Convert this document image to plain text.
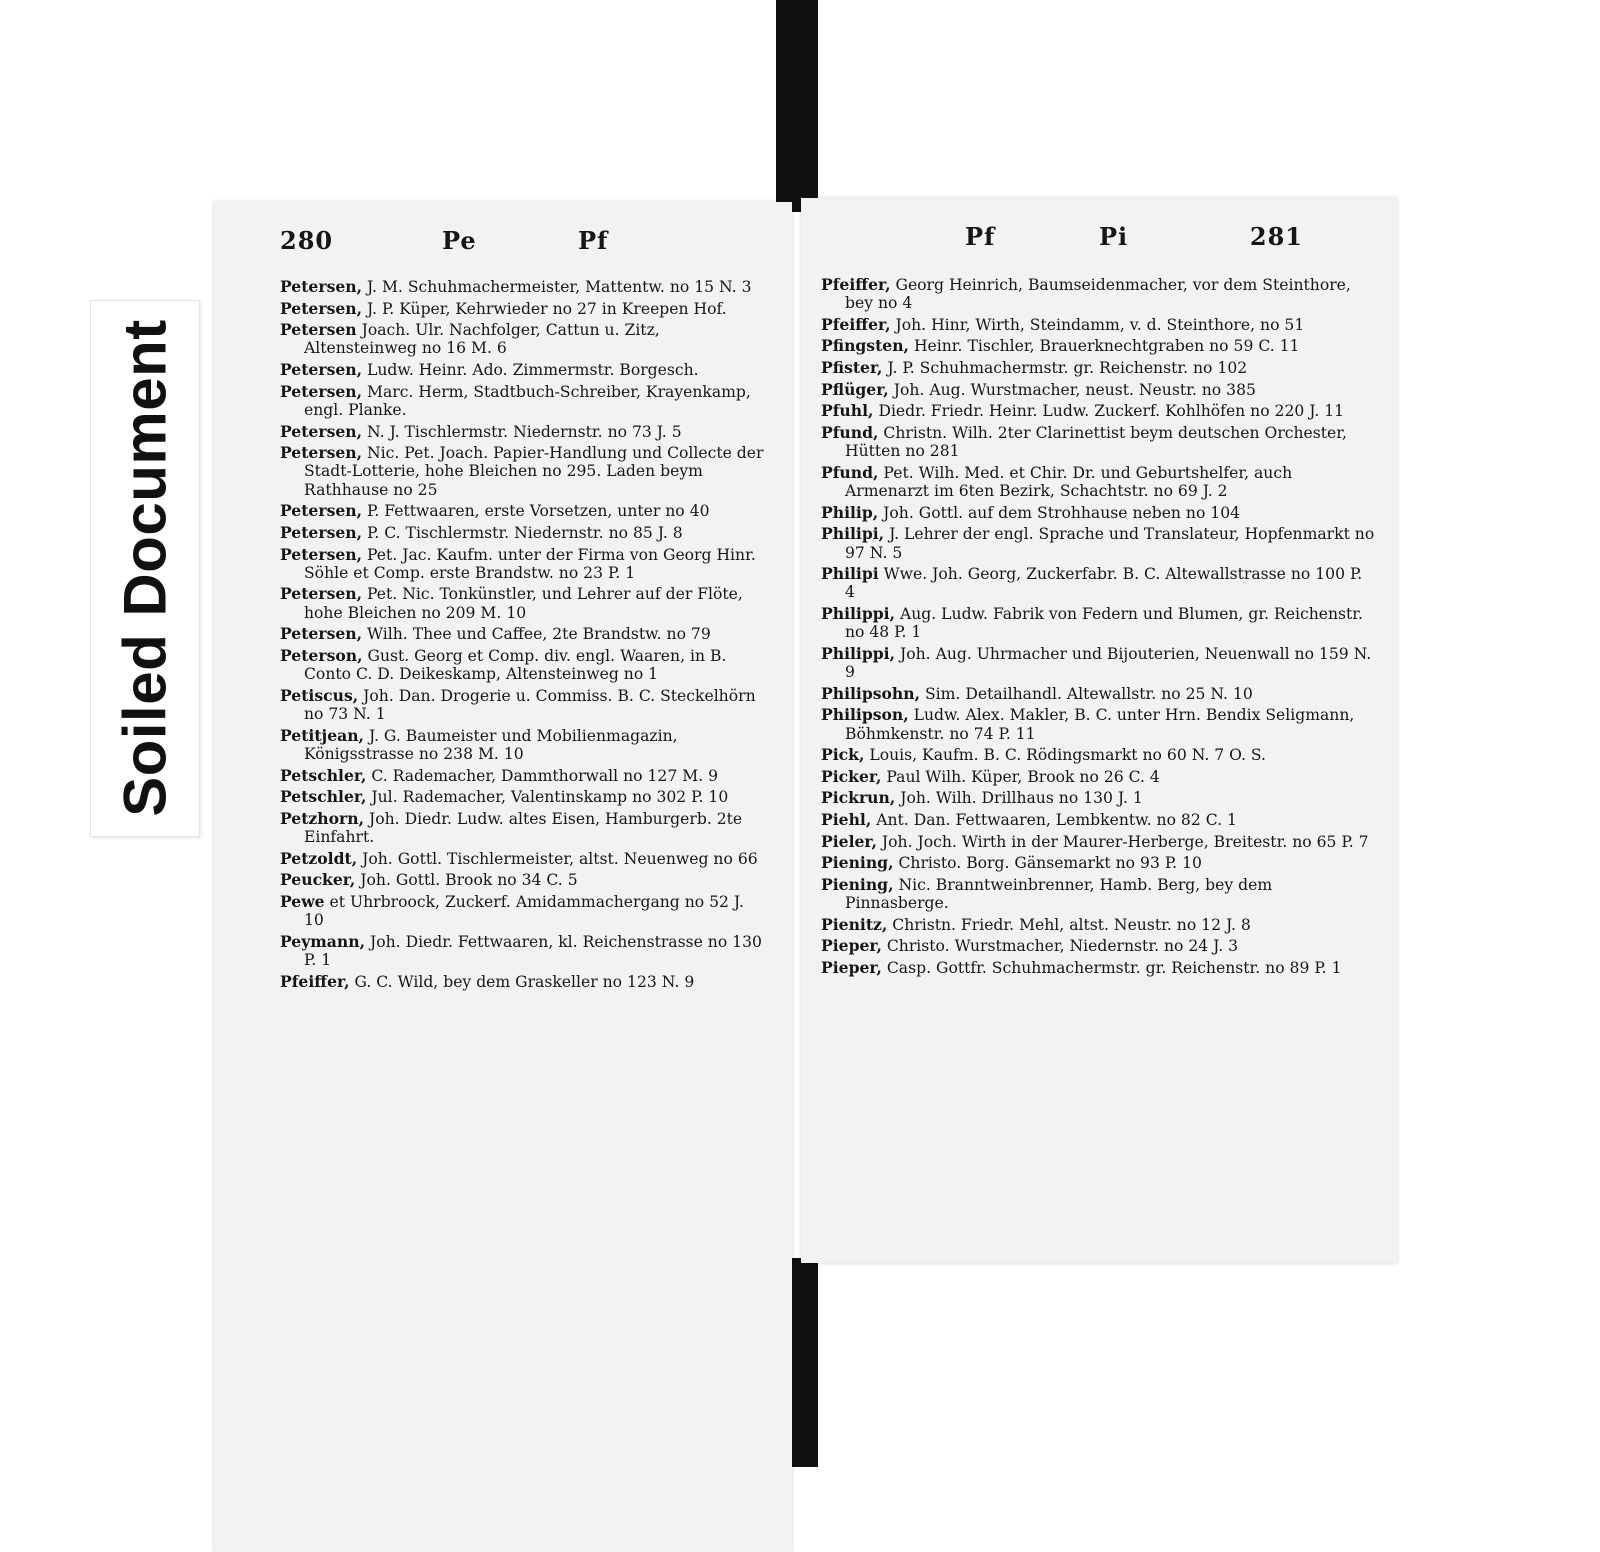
Soiled Document
280	Pe	Pf
Petersen, J. M. Schuhmachermeister, Mattentw. no 15 N. 3
Petersen, J. P. Küper, Kehrwieder no 27 in Kreepen Hof.
Petersen Joach. Ulr. Nachfolger, Cattun u. Zitz, Altensteinweg no 16 M. 6
Petersen, Ludw. Heinr. Ado. Zimmermstr. Borgesch.
Petersen, Marc. Herm, Stadtbuch-Schreiber, Krayenkamp, engl. Planke.
Petersen, N. J. Tischlermstr. Niedernstr. no 73 J. 5
Petersen, Nic. Pet. Joach. Papier-Handlung und Collecte der Stadt-Lotterie, hohe Bleichen no 295. Laden beym Rathhause no 25
Petersen, P. Fettwaaren, erste Vorsetzen, unter no 40
Petersen, P. C. Tischlermstr. Niedernstr. no 85 J. 8
Petersen, Pet. Jac. Kaufm. unter der Firma von Georg Hinr. Söhle et Comp. erste Brandstw. no 23 P. 1
Petersen, Pet. Nic. Tonkünstler, und Lehrer auf der Flöte, hohe Bleichen no 209 M. 10
Petersen, Wilh. Thee und Caffee, 2te Brandstw. no 79
Peterson, Gust. Georg et Comp. div. engl. Waaren, in B. Conto C. D. Deikeskamp, Altensteinweg no 1
Petiscus, Joh. Dan. Drogerie u. Commiss. B. C. Steckelhörn no 73 N. 1
Petitjean, J. G. Baumeister und Mobilienmagazin, Königsstrasse no 238 M. 10
Petschler, C. Rademacher, Dammthorwall no 127 M. 9
Petschler, Jul. Rademacher, Valentinskamp no 302 P. 10
Petzhorn, Joh. Diedr. Ludw. altes Eisen, Hamburgerb. 2te Einfahrt.
Petzoldt, Joh. Gottl. Tischlermeister, altst. Neuenweg no 66
Peucker, Joh. Gottl. Brook no 34 C. 5
Pewe et Uhrbroock, Zuckerf. Amidammachergang no 52 J. 10
Peymann, Joh. Diedr. Fettwaaren, kl. Reichenstrasse no 130 P. 1
Pfeiffer, G. C. Wild, bey dem Graskeller no 123 N. 9
Pf	Pi	281
Pfeiffer, Georg Heinrich, Baumseidenmacher, vor dem Steinthore, bey no 4
Pfeiffer, Joh. Hinr, Wirth, Steindamm, v. d. Steinthore, no 51
Pfingsten, Heinr. Tischler, Brauerknechtgraben no 59 C. 11
Pfister, J. P. Schuhmachermstr. gr. Reichenstr. no 102
Pflüger, Joh. Aug. Wurstmacher, neust. Neustr. no 385
Pfuhl, Diedr. Friedr. Heinr. Ludw. Zuckerf. Kohlhöfen no 220 J. 11
Pfund, Christn. Wilh. 2ter Clarinettist beym deutschen Orchester, Hütten no 281
Pfund, Pet. Wilh. Med. et Chir. Dr. und Geburtshelfer, auch Armenarzt im 6ten Bezirk, Schachtstr. no 69 J. 2
Philip, Joh. Gottl. auf dem Strohhause neben no 104
Philipi, J. Lehrer der engl. Sprache und Translateur, Hopfenmarkt no 97 N. 5
Philipi Wwe. Joh. Georg, Zuckerfabr. B. C. Altewallstrasse no 100 P. 4
Philippi, Aug. Ludw. Fabrik von Federn und Blumen, gr. Reichenstr. no 48 P. 1
Philippi, Joh. Aug. Uhrmacher und Bijouterien, Neuenwall no 159 N. 9
Philipsohn, Sim. Detailhandl. Altewallstr. no 25 N. 10
Philipson, Ludw. Alex. Makler, B. C. unter Hrn. Bendix Seligmann, Böhmkenstr. no 74 P. 11
Pick, Louis, Kaufm. B. C. Rödingsmarkt no 60 N. 7 O. S.
Picker, Paul Wilh. Küper, Brook no 26 C. 4
Pickrun, Joh. Wilh. Drillhaus no 130 J. 1
Piehl, Ant. Dan. Fettwaaren, Lembkentw. no 82 C. 1
Pieler, Joh. Joch. Wirth in der Maurer-Herberge, Breitestr. no 65 P. 7
Piening, Christo. Borg. Gänsemarkt no 93 P. 10
Piening, Nic. Branntweinbrenner, Hamb. Berg, bey dem Pinnasberge.
Pienitz, Christn. Friedr. Mehl, altst. Neustr. no 12 J. 8
Pieper, Christo. Wurstmacher, Niedernstr. no 24 J. 3
Pieper, Casp. Gottfr. Schuhmachermstr. gr. Reichenstr. no 89 P. 1
